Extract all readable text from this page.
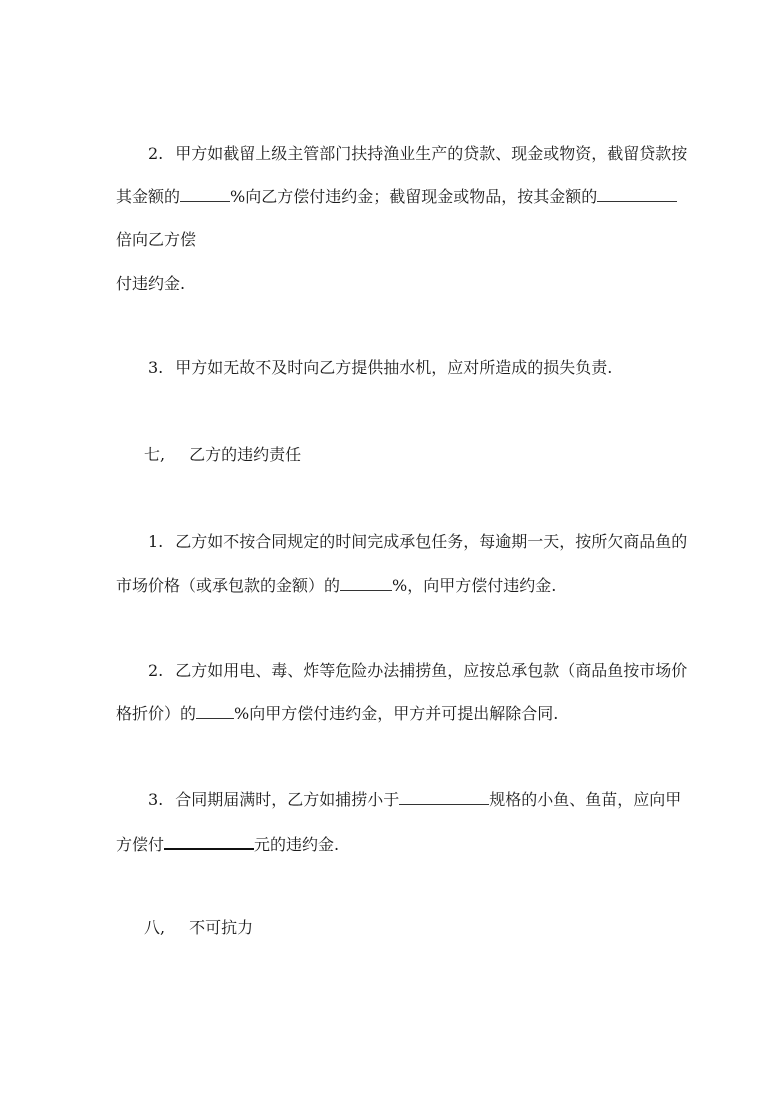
2. 甲方如截留上级主管部门扶持渔业生产的贷款、现金或物资，截留贷款按
其金额的	%向乙方偿付违约金；截留现金或物品，按其金额的
倍向乙方偿
付违约金.
3. 甲方如无故不及时向乙方提供抽水机，应对所造成的损失负责.
七, 乙方的违约责任
1. 乙方如不按合同规定的时间完成承包任务，每逾期一天，按所欠商品鱼的
市场价格（或承包款的金额）的	%，向甲方偿付违约金.
2. 乙方如用电、毒、炸等危险办法捕捞鱼，应按总承包款（商品鱼按市场价
格折价）的 %向甲方偿付违约金，甲方并可提出解除合同.
3. 合同期届满时，乙方如捕捞小于	规格的小鱼、鱼苗，应向甲
方偿付	元的违约金.
八, 不可抗力
